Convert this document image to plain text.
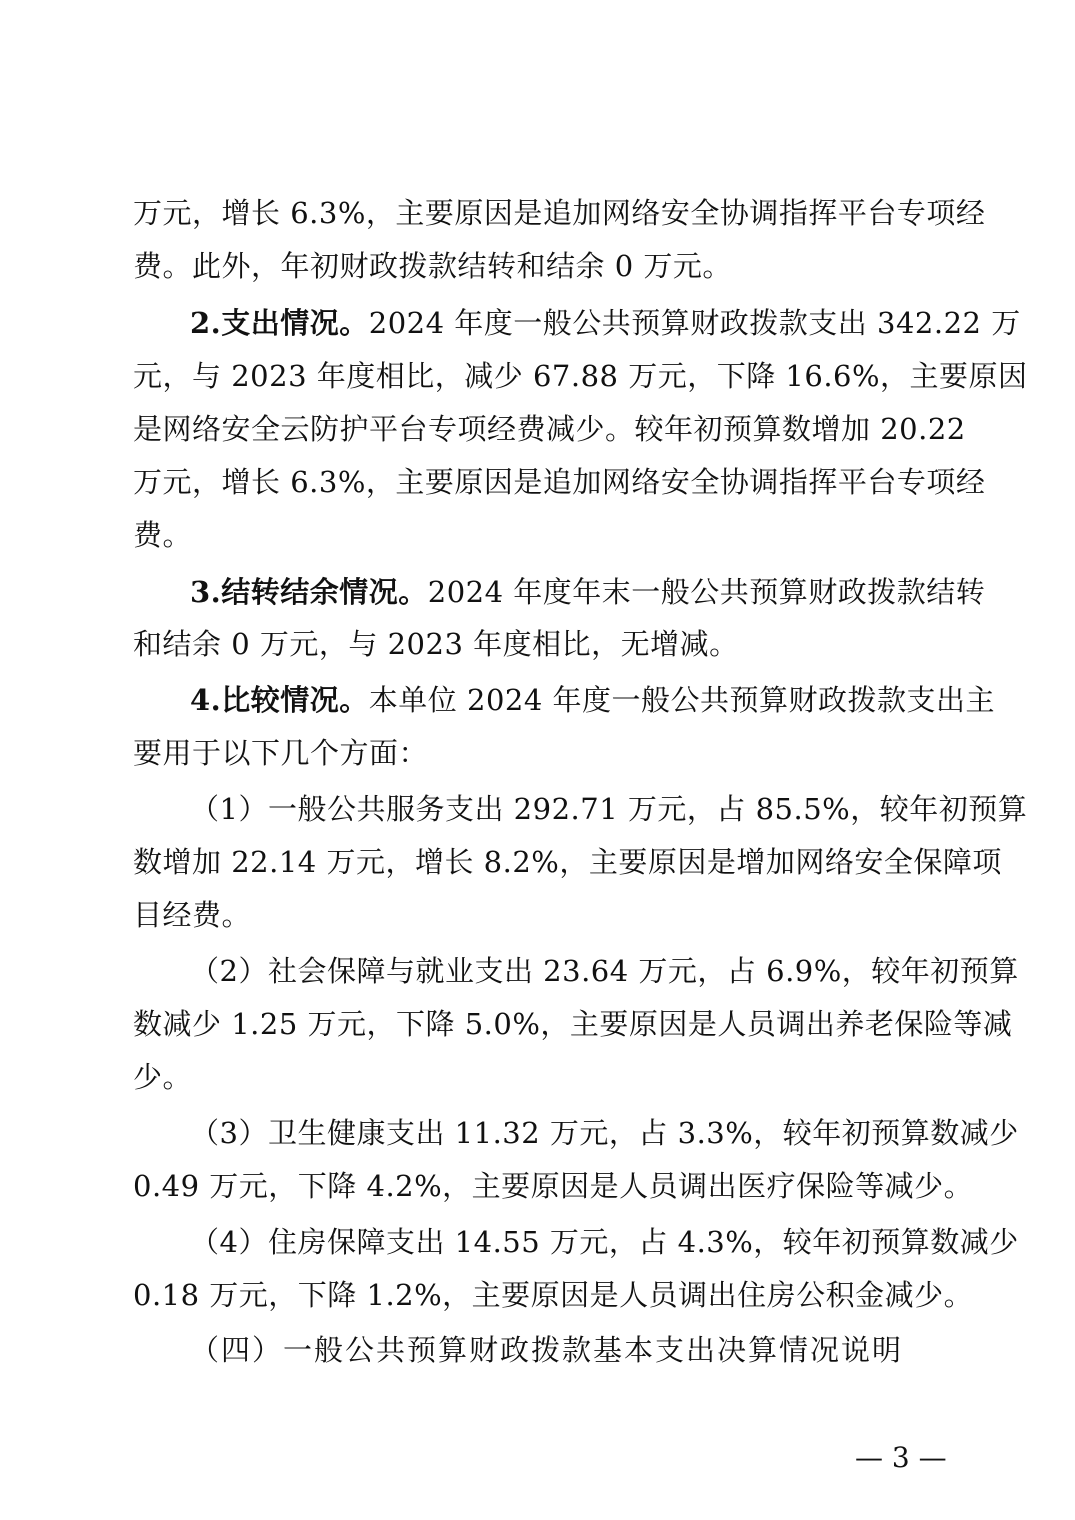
万元，增长 6.3%，主要原因是追加网络安全协调指挥平台专项经
费。此外，年初财政拨款结转和结余 0 万元。
2.支出情况。2024 年度一般公共预算财政拨款支出 342.22 万
元，与 2023 年度相比，减少 67.88 万元，下降 16.6%，主要原因
是网络安全云防护平台专项经费减少。较年初预算数增加 20.22
万元，增长 6.3%，主要原因是追加网络安全协调指挥平台专项经
费。
3.结转结余情况。2024 年度年末一般公共预算财政拨款结转
和结余 0 万元，与 2023 年度相比，无增减。
4.比较情况。本单位 2024 年度一般公共预算财政拨款支出主
要用于以下几个方面：
（1）一般公共服务支出 292.71 万元，占 85.5%，较年初预算
数增加 22.14 万元，增长 8.2%，主要原因是增加网络安全保障项
目经费。
（2）社会保障与就业支出 23.64 万元，占 6.9%，较年初预算
数减少 1.25 万元，下降 5.0%，主要原因是人员调出养老保险等减
少。
（3）卫生健康支出 11.32 万元，占 3.3%，较年初预算数减少
0.49 万元，下降 4.2%，主要原因是人员调出医疗保险等减少。
（4）住房保障支出 14.55 万元，占 4.3%，较年初预算数减少
0.18 万元，下降 1.2%，主要原因是人员调出住房公积金减少。
（四）一般公共预算财政拨款基本支出决算情况说明
— 3 —
